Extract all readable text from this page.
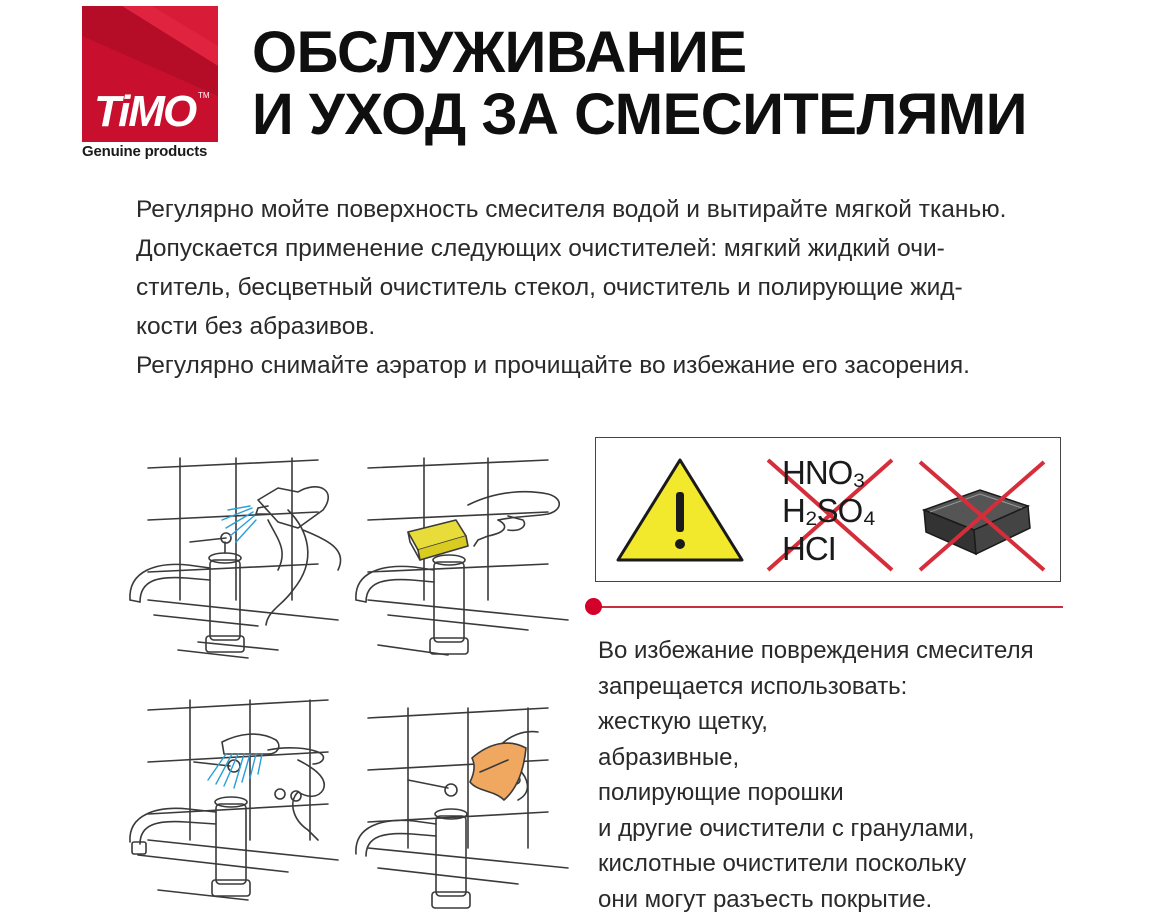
TiMO TM
Genuine products
ОБСЛУЖИВАНИЕ
И УХОД ЗА СМЕСИТЕЛЯМИ

Регулярно мойте поверхность смесителя водой и вытирайте мягкой тканью.

Допускается применение следующих очистителей: мягкий жидкий очи-

ститель, бесцветный очиститель стекол, очиститель и полирующие жид-

кости без абразивов.

Регулярно снимайте аэратор и прочищайте во избежание его засорения.

HNO₃
H₂SO₄
HCI
Во избежание повреждения смесителя
запрещается использовать:
жесткую щетку,
абразивные,
полирующие порошки
и другие очистители с гранулами,
кислотные очистители поскольку
они могут разъесть покрытие.
